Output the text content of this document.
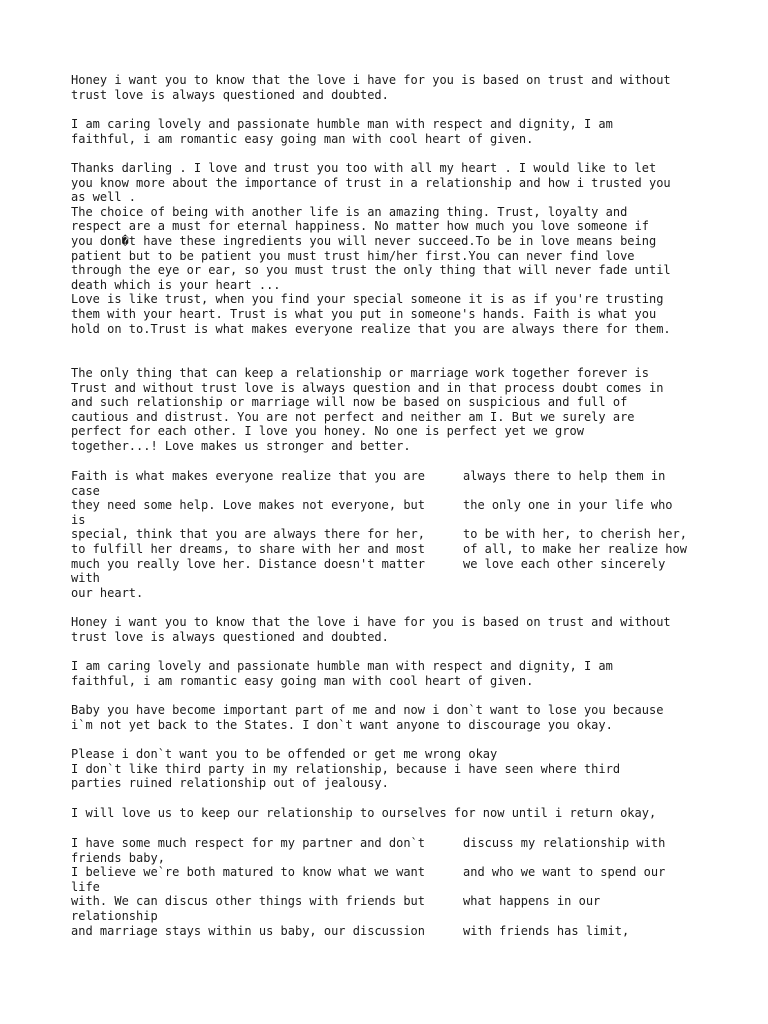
Honey i want you to know that the love i have for you is based on trust and without

trust love is always questioned and doubted.

I am caring lovely and passionate humble man with respect and dignity, I am

faithful, i am romantic easy going man with cool heart of given.

Thanks darling . I love and trust you too with all my heart . I would like to let

you know more about the importance of trust in a relationship and how i trusted you

as well .

The choice of being with another life is an amazing thing. Trust, loyalty and

respect are a must for eternal happiness. No matter how much you love someone if

you don�t have these ingredients you will never succeed.To be in love means being

patient but to be patient you must trust him/her first.You can never find love

through the eye or ear, so you must trust the only thing that will never fade until

death which is your heart ...

Love is like trust, when you find your special someone it is as if you're trusting

them with your heart. Trust is what you put in someone's hands. Faith is what you

hold on to.Trust is what makes everyone realize that you are always there for them.

The only thing that can keep a relationship or marriage work together forever is

Trust and without trust love is always question and in that process doubt comes in

and such relationship or marriage will now be based on suspicious and full of

cautious and distrust. You are not perfect and neither am I. But we surely are

perfect for each other. I love you honey. No one is perfect yet we grow

together...! Love makes us stronger and better.

Faith is what makes everyone realize that you are	always there to help them in

case

they need some help. Love makes not everyone, but	the only one in your life who

is

special, think that you are always there for her,	to be with her, to cherish her,

to fulfill her dreams, to share with her and most	of all, to make her realize how

much you really love her. Distance doesn't matter	we love each other sincerely

with

our heart.

Honey i want you to know that the love i have for you is based on trust and without

trust love is always questioned and doubted.

I am caring lovely and passionate humble man with respect and dignity, I am

faithful, i am romantic easy going man with cool heart of given.

Baby you have become important part of me and now i don`t want to lose you because

i`m not yet back to the States. I don`t want anyone to discourage you okay.

Please i don`t want you to be offended or get me wrong okay

I don`t like third party in my relationship, because i have seen where third

parties ruined relationship out of jealousy.

I will love us to keep our relationship to ourselves for now until i return okay,

I have some much respect for my partner and don`t	discuss my relationship with

friends baby,

I believe we`re both matured to know what we want	and who we want to spend our

life

with. We can discus other things with friends but	what happens in our

relationship

and marriage stays within us baby, our discussion	with friends has limit,
